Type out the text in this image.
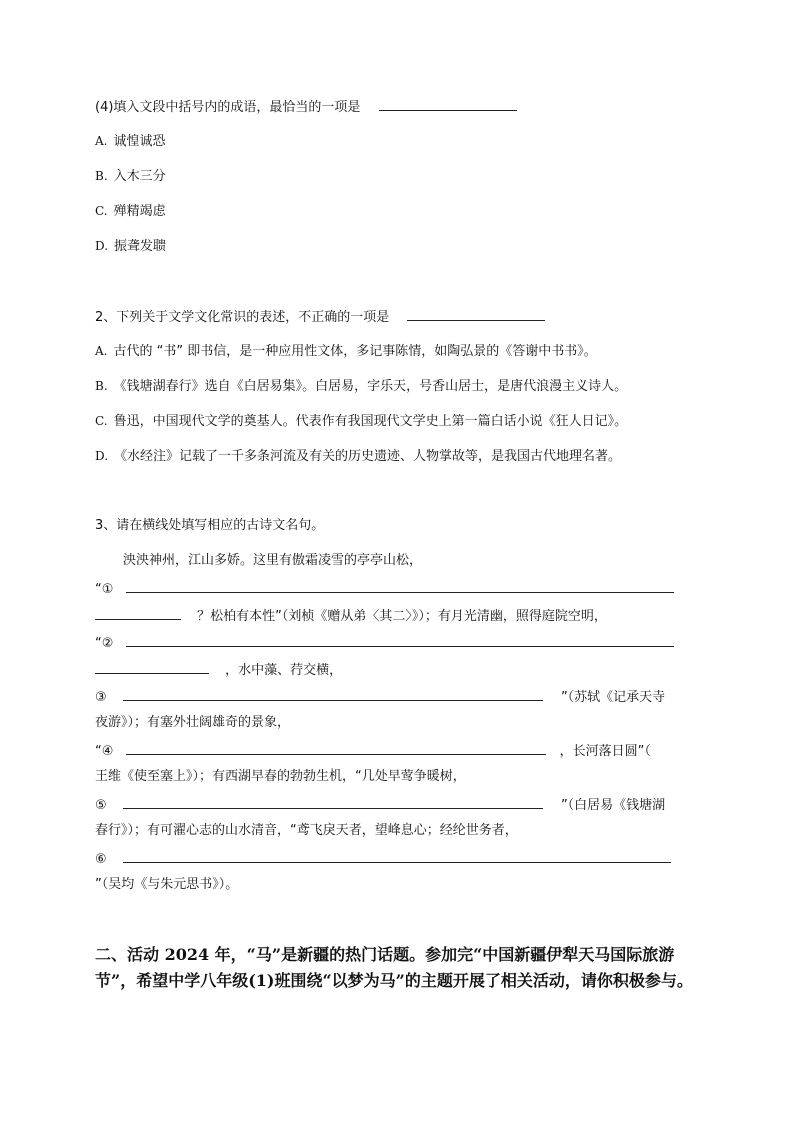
(4)填入文段中括号内的成语，最恰当的一项是
A. 诚惶诚恐
B. 入木三分
C. 殚精竭虑
D. 振聋发聩
2、下列关于文学文化常识的表述，不正确的一项是
A. 古代的 “书” 即书信，是一种应用性文体，多记事陈情，如陶弘景的《答谢中书书》。
B. 《钱塘湖春行》选自《白居易集》。白居易，字乐天，号香山居士，是唐代浪漫主义诗人。
C. 鲁迅，中国现代文学的奠基人。代表作有我国现代文学史上第一篇白话小说《狂人日记》。
D. 《水经注》记载了一千多条河流及有关的历史遗迹、人物掌故等，是我国古代地理名著。
3、请在横线处填写相应的古诗文名句。
泱泱神州，江山多娇。这里有傲霜凌雪的亭亭山松，
“①
？松柏有本性”（刘桢《赠从弟〈其二〉》）；有月光清幽，照得庭院空明，
“②
，水中藻、荇交横，
③	”（苏轼《记承天寺
夜游》）；有塞外壮阔雄奇的景象，
“④	，长河落日圆”（
王维《使至塞上》）；有西湖早春的勃勃生机，“几处早莺争暖树，
⑤	”（白居易《钱塘湖
春行》）；有可濯心志的山水清音，“鸢飞戾天者，望峰息心；经纶世务者，
⑥
”（吴均《与朱元思书》）。
二、活动 2024 年，“马”是新疆的热门话题。参加完“中国新疆伊犁天马国际旅游节”，希望中学八年级(1)班围绕“以梦为马”的主题开展了相关活动，请你积极参与。
